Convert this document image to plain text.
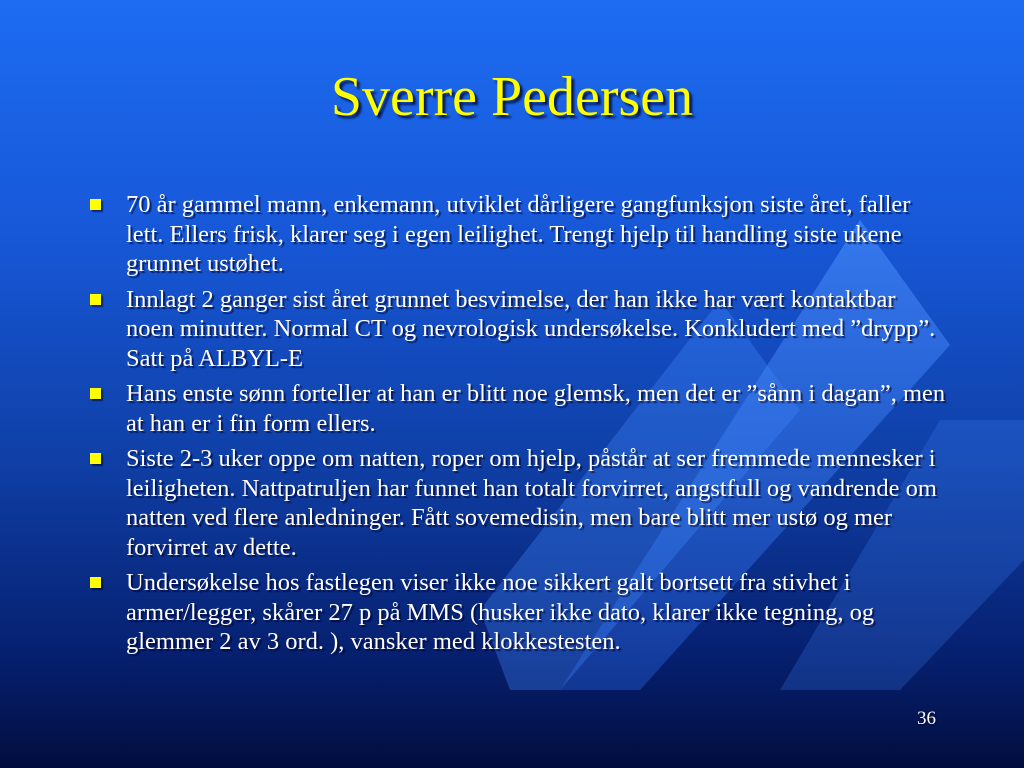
Sverre Pedersen
70 år gammel mann, enkemann, utviklet dårligere gangfunksjon siste året, faller lett. Ellers frisk, klarer seg i egen leilighet. Trengt hjelp til handling siste ukene grunnet ustøhet.
Innlagt 2 ganger sist året grunnet besvimelse, der han ikke har vært kontaktbar noen minutter. Normal CT og nevrologisk undersøkelse. Konkludert med ”drypp”. Satt på ALBYL-E
Hans enste sønn forteller at han er blitt noe glemsk, men det er ”sånn i dagan”, men at han er i fin form ellers.
Siste 2-3 uker oppe om natten, roper om hjelp, påstår at ser fremmede mennesker i leiligheten. Nattpatruljen har funnet han totalt forvirret, angstfull og vandrende om natten ved flere anledninger. Fått sovemedisin, men bare blitt mer ustø og mer forvirret av dette.
Undersøkelse hos fastlegen viser ikke noe sikkert galt bortsett fra stivhet i armer/legger, skårer 27 p på MMS (husker ikke dato, klarer ikke tegning, og glemmer 2 av 3 ord. ), vansker med klokkestesten.
36
